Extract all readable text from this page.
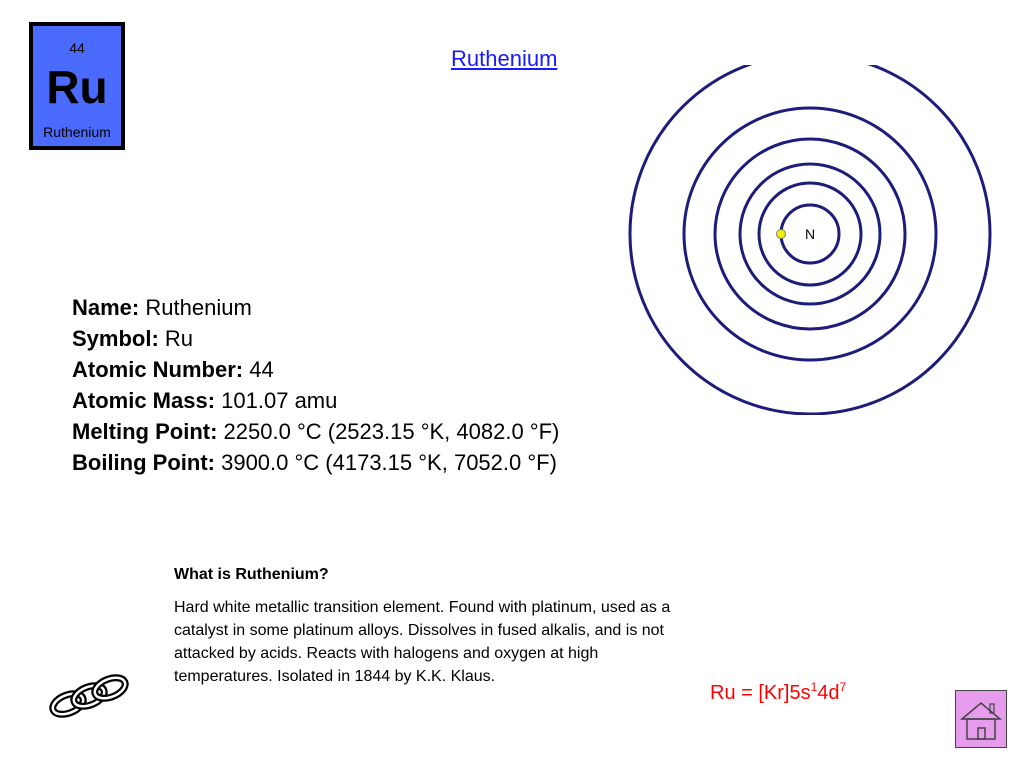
44
Ru
Ruthenium
Ruthenium
N
Name: Ruthenium
Symbol: Ru
Atomic Number: 44
Atomic Mass: 101.07 amu
Melting Point: 2250.0 °C (2523.15 °K, 4082.0 °F)
Boiling Point: 3900.0 °C (4173.15 °K, 7052.0 °F)
What is Ruthenium?
Hard white metallic transition element. Found with platinum, used as a catalyst in some platinum alloys. Dissolves in fused alkalis, and is not attacked by acids. Reacts with halogens and oxygen at high temperatures. Isolated in 1844 by K.K. Klaus.
$Ru = [Kr]5s^14d^7$
